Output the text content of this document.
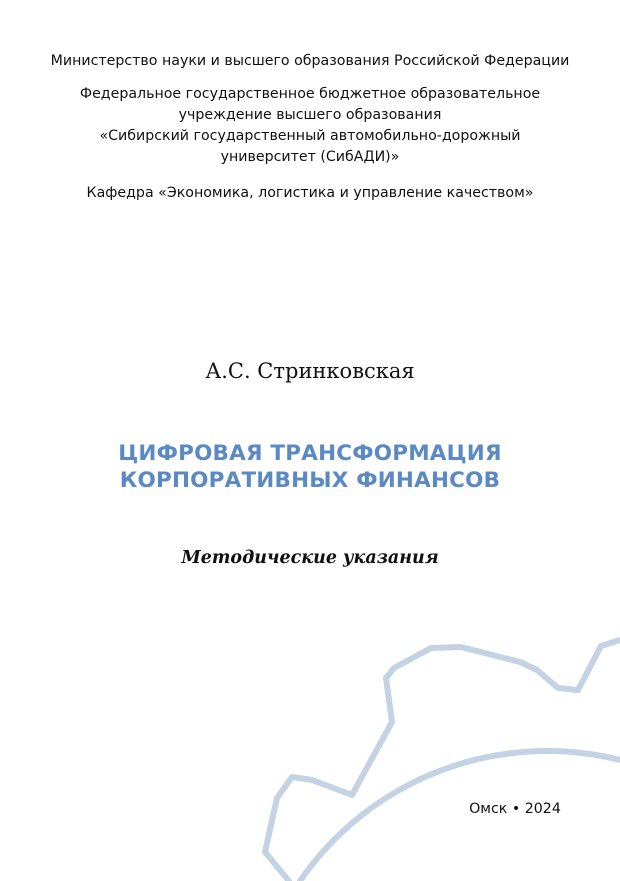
Министерство науки и высшего образования Российской Федерации
Федеральное государственное бюджетное образовательное
учреждение высшего образования
«Сибирский государственный автомобильно-дорожный
университет (СибАДИ)»
Кафедра «Экономика, логистика и управление качеством»
А.С. Стринковская
ЦИФРОВАЯ ТРАНСФОРМАЦИЯ
КОРПОРАТИВНЫХ ФИНАНСОВ
Методические указания
Омск • 2024
